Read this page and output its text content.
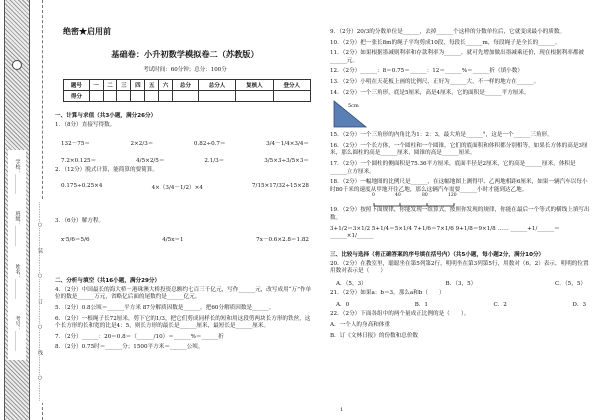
学校：________
班级：________
姓名：________
考号：________	…………○…………装…………○…………订…………○…………线…………○…………
绝密★启用前
基础卷：小升初数学模拟卷二（苏教版）
考试时间：60分钟；总分：100分
题号	一	二	三	四	五	六	总分	总分人	复核人	登分人
得分										
一、计算与求值（共3小题，满分26分）
1．（8分）直接写得数。
132－75＝	2×2/3＝	0.82÷0.7＝	3/4－1/4×3/4＝
7.2×0.125＝	4/5×2/5＝	2.1/3＝	3/5×3÷3/5×3＝
2．（12分）脱式计算，能简算的要简算。
0.175÷0.25×4	4×（3/4－1/2）×4	7/15×17/32÷15×28
3．（6分）解方程。
x·5/6＝5/6	4/5x＝1	7x－0.6×2.8＝1.82
二、分析与填空（共16小题，满分29分）
4．（2分）中国最长的海大桥－港珠澳大桥投资总额约七百三千亿元，写作______元，改写成用“万”作单位的数是______万元，省略亿后面的尾数约是______亿元。
5．（2分）0.8公顷＝______平方米 87分解质因数是______，把60分解质因数是______。
6．（2分）一根绳子长72厘米，剪下它的1/3，把它们剪成同样长的短和用这段剪两块长方形的铁丝，这个长方形的长和宽的比是4：5，则长方形的最长是______厘米，最短长是______厘米。
7．（2分）______：20＝0.8＝（______/10）＝______%＝______折
8．（2分）0.75时＝______分；1500平方米＝______公顷。
9．（2分）20/3的分数单位是______，去掉______个这样的分数单位后，它就变成最小的质数。
10．（2分）把一张长8m的绳子平均剪成10段，每段长______m，每段绳子是全长的______。
11．（2分）如果根据墨减则利率和存款利率为______，就可先增加做出墨减乘还价，现在根据利率都被______元。
12．（2分）______：8＝0.75＝______：12＝______%＝______折（填小数）
13．（2分）小明在天花板上画的比例尺，正好为______大，不一样的地方在______。
14．（2分）一个三角形，底是5厘米，高是4厘米，它的面积是______平方厘米。
5cm
15．（2分）一个三角形的内角比为1：2：3，最大角是______°，这是一个______三角形。
16．（2分）一个长方体，一个圆柱和一个圆锥，它们的底面积和体积都分别相等，如果长方体的高是3厘米，那么圆柱的高是______厘米，圆锥的高是______厘米。
17．（2分）一个圆柱的侧面积是75.36平方厘米，底面半径是2厘米，它的高是______厘米，体积是______立方厘米。
18．（2分）一幅地图的比例尺是______，在这幅地图上测得甲、乙两地相距6厘米，如果一辆汽车以每小时80千米的速度从甲地开往乙地，那么这辆汽车需要______小时才能到达乙地。
0	40	80	120
19．（2分）按照下面规律，你能发现一组算式，按照你发现的规律，你能在最后一个等式的横线上填写出数。
3+1/2＝3×1/2 5+1/4＝5×1/4 7+1/6＝7×1/6 9+1/8＝9×1/8 …… ______+1/______＝______×1/______
三、比较与选择（将正确答案的序号填在括号内）（共5小题，每小题2分，满分10分）
20．（2分）在教室里，聪聪坐在第5列第2行，明明坐在第3列第5行，用数对（6，2）表示，明明的位置用数对表示是（　　）
A．（5，3）	B．（3，5）	C．（5，5）
21．（2分）如果a：b＝3，那么a和b（　　）
A．0	B．1	C．2	D．3
22．（2分）下面各组中的两个量成正比例的是（　　）。
A．一个人的身高和体重
B．订《文林日报》的份数和总价数
1
